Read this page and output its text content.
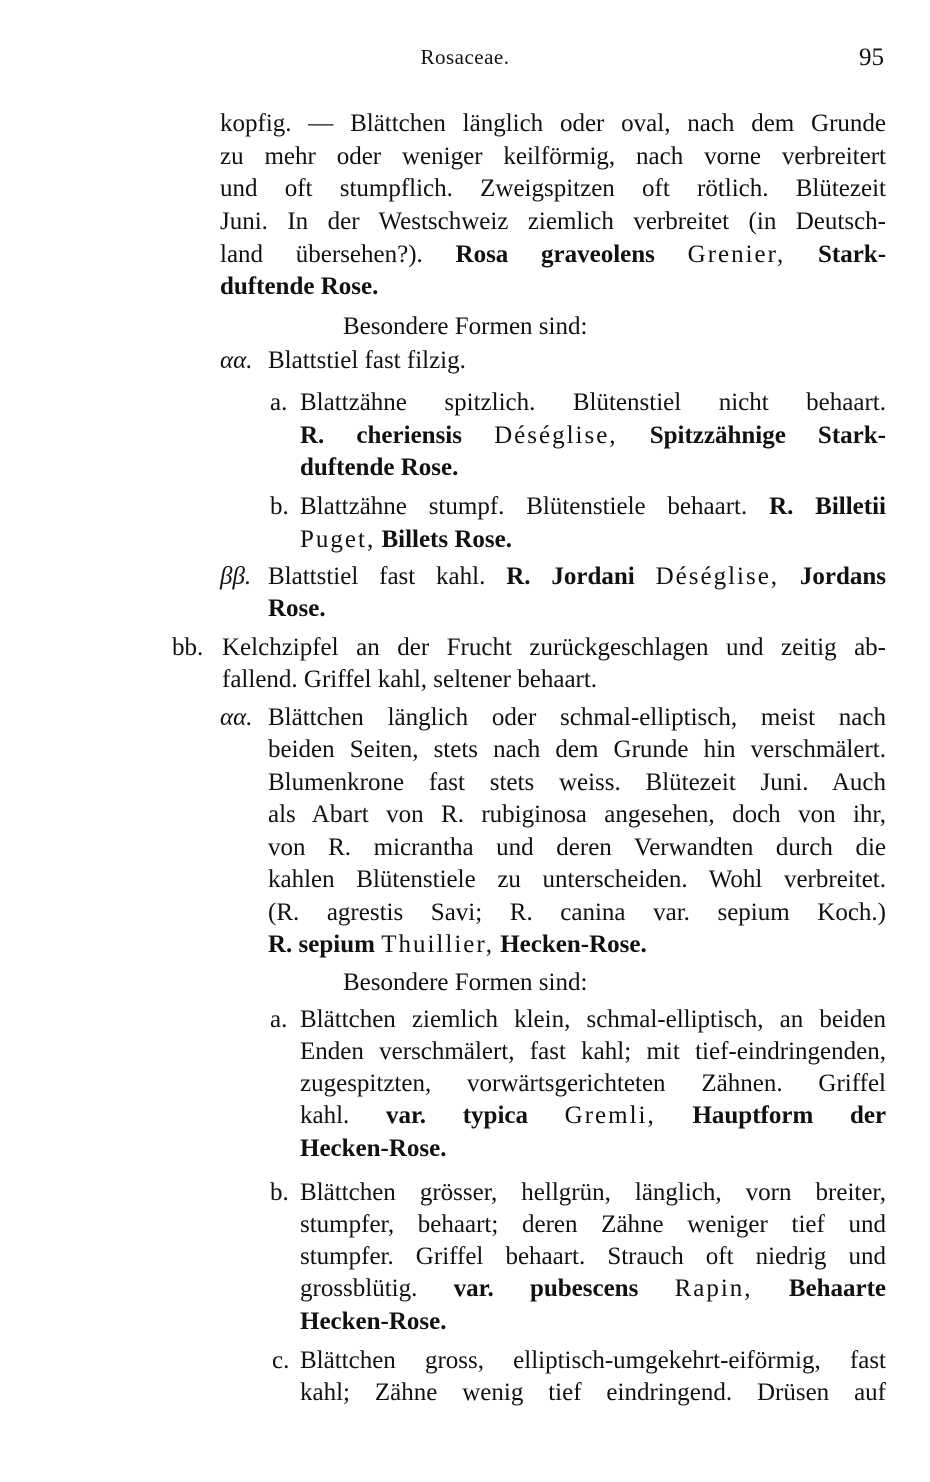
Rosaceae.	95
kopfig. — Blättchen länglich oder oval, nach dem Grunde
zu mehr oder weniger keilförmig, nach vorne verbreitert
und oft stumpflich. Zweigspitzen oft rötlich. Blütezeit
Juni. In der Westschweiz ziemlich verbreitet (in Deutsch-
land übersehen?). Rosa graveolens Grenier, Stark-
duftende Rose.
Besondere Formen sind:
αα. Blattstiel fast filzig.
a. Blattzähne spitzlich. Blütenstiel nicht behaart.
R. cheriensis Déséglise, Spitzzähnige Stark-
duftende Rose.
b. Blattzähne stumpf. Blütenstiele behaart. R. Billetii
Puget, Billets Rose.
ββ. Blattstiel fast kahl. R. Jordani Déséglise, Jordans
Rose.
bb. Kelchzipfel an der Frucht zurückgeschlagen und zeitig ab-
fallend. Griffel kahl, seltener behaart.
αα. Blättchen länglich oder schmal-elliptisch, meist nach
beiden Seiten, stets nach dem Grunde hin verschmälert.
Blumenkrone fast stets weiss. Blütezeit Juni. Auch
als Abart von R. rubiginosa angesehen, doch von ihr,
von R. micrantha und deren Verwandten durch die
kahlen Blütenstiele zu unterscheiden. Wohl verbreitet.
(R. agrestis Savi; R. canina var. sepium Koch.)
R. sepium Thuillier, Hecken-Rose.
Besondere Formen sind:
a. Blättchen ziemlich klein, schmal-elliptisch, an beiden
Enden verschmälert, fast kahl; mit tief-eindringenden,
zugespitzten, vorwärtsgerichteten Zähnen. Griffel
kahl. var. typica Gremli, Hauptform der
Hecken-Rose.
b. Blättchen grösser, hellgrün, länglich, vorn breiter,
stumpfer, behaart; deren Zähne weniger tief und
stumpfer. Griffel behaart. Strauch oft niedrig und
grossblütig. var. pubescens Rapin, Behaarte
Hecken-Rose.
c. Blättchen gross, elliptisch-umgekehrt-eiförmig, fast
kahl; Zähne wenig tief eindringend. Drüsen auf
